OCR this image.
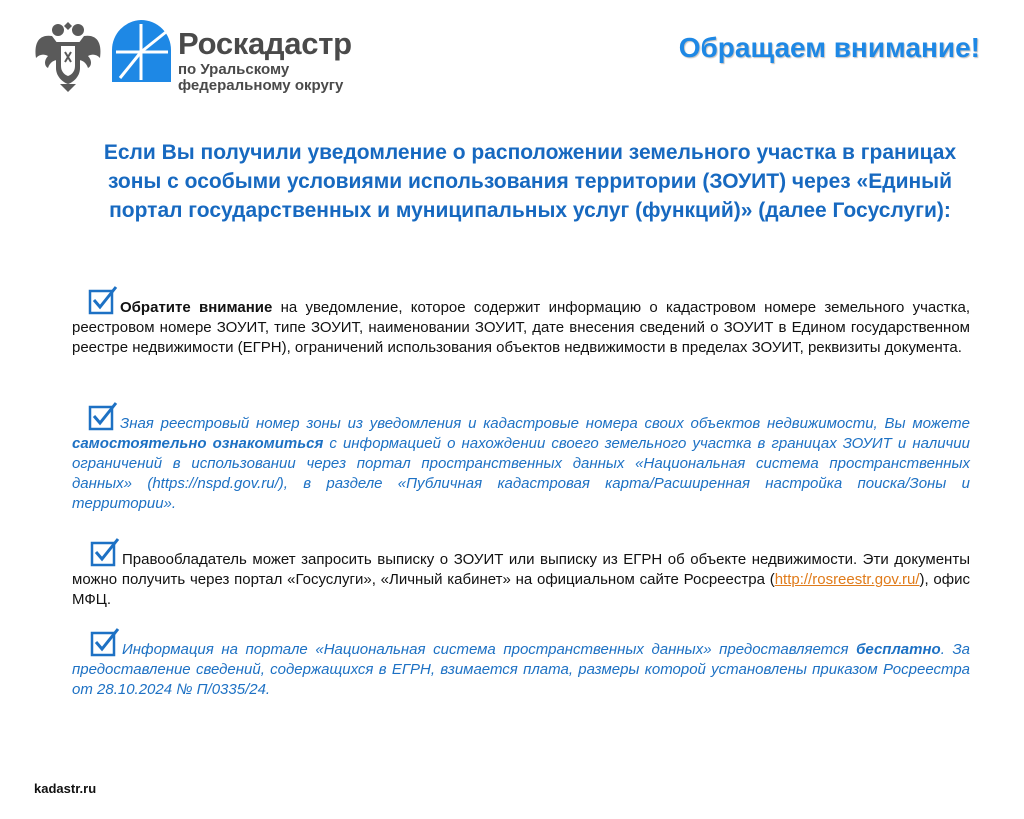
Роскадастр
по Уральскому
федеральному округу
Обращаем внимание!
Если Вы получили уведомление о расположении земельного участка в границах зоны с особыми условиями использования территории (ЗОУИТ) через «Единый портал государственных и муниципальных услуг (функций)» (далее Госуслуги):
Обратите внимание на уведомление, которое содержит информацию о кадастровом номере земельного участка, реестровом номере ЗОУИТ, типе ЗОУИТ, наименовании ЗОУИТ, дате внесения сведений о ЗОУИТ в Едином государственном реестре недвижимости (ЕГРН), ограничений использования объектов недвижимости в пределах ЗОУИТ, реквизиты документа.
Зная реестровый номер зоны из уведомления и кадастровые номера своих объектов недвижимости, Вы можете самостоятельно ознакомиться с информацией о нахождении своего земельного участка в границах ЗОУИТ и наличии ограничений в использовании через портал пространственных данных «Национальная система пространственных данных» (https://nspd.gov.ru/), в разделе «Публичная кадастровая карта/Расширенная настройка поиска/Зоны и территории».
Правообладатель может запросить выписку о ЗОУИТ или выписку из ЕГРН об объекте недвижимости. Эти документы можно получить через портал «Госуслуги», «Личный кабинет» на официальном сайте Росреестра (http://rosreestr.gov.ru/), офис МФЦ.
Информация на портале «Национальная система пространственных данных» предоставляется бесплатно. За предоставление сведений, содержащихся в ЕГРН, взимается плата, размеры которой установлены приказом Росреестра от 28.10.2024 № П/0335/24.
kadastr.ru
